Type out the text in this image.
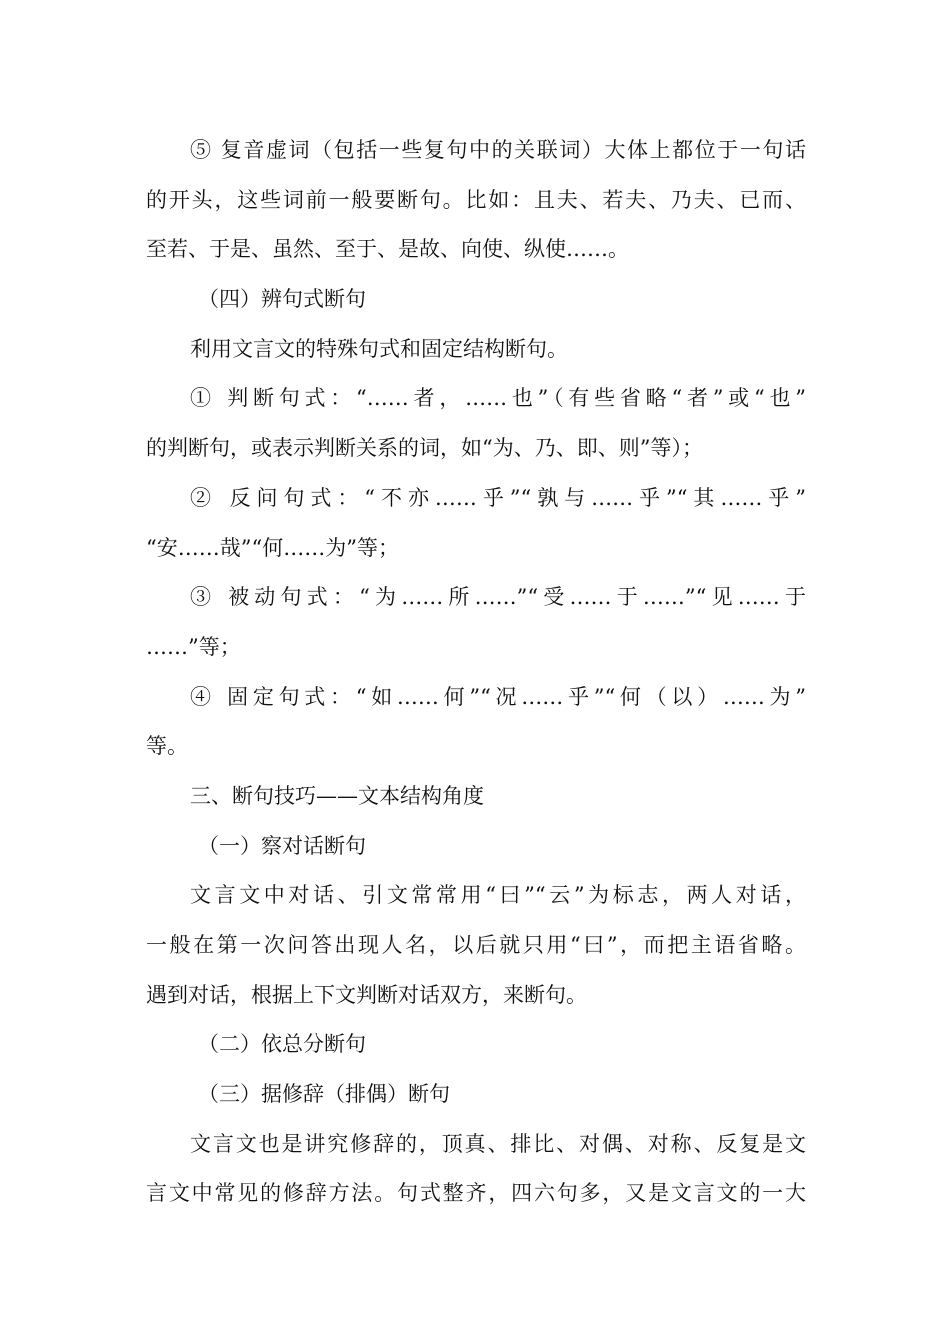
⑤ 复音虚词（包括一些复句中的关联词）大体上都位于一句话
的开头，这些词前一般要断句。比如：且夫、若夫、乃夫、已而、
至若、于是、虽然、至于、是故、向使、纵使……。
（四）辨句式断句
利用文言文的特殊句式和固定结构断句。
① 判断句式：“……者，……也”（有些省略“者”或“也”
的判断句，或表示判断关系的词，如“为、乃、即、则”等）；
② 反问句式：“不亦……乎”“孰与……乎”“其……乎”
“安……哉”“何……为”等；
③ 被动句式：“为……所……”“受……于……”“见……于
……”等；
④ 固定句式：“如……何”“况……乎”“何（以）……为”
等。
三、断句技巧——文本结构角度
（一）察对话断句
文言文中对话、引文常常用“曰”“云”为标志，两人对话，
一般在第一次问答出现人名，以后就只用“曰”，而把主语省略。
遇到对话，根据上下文判断对话双方，来断句。
（二）依总分断句
（三）据修辞（排偶）断句
文言文也是讲究修辞的，顶真、排比、对偶、对称、反复是文
言文中常见的修辞方法。句式整齐，四六句多，又是文言文的一大
